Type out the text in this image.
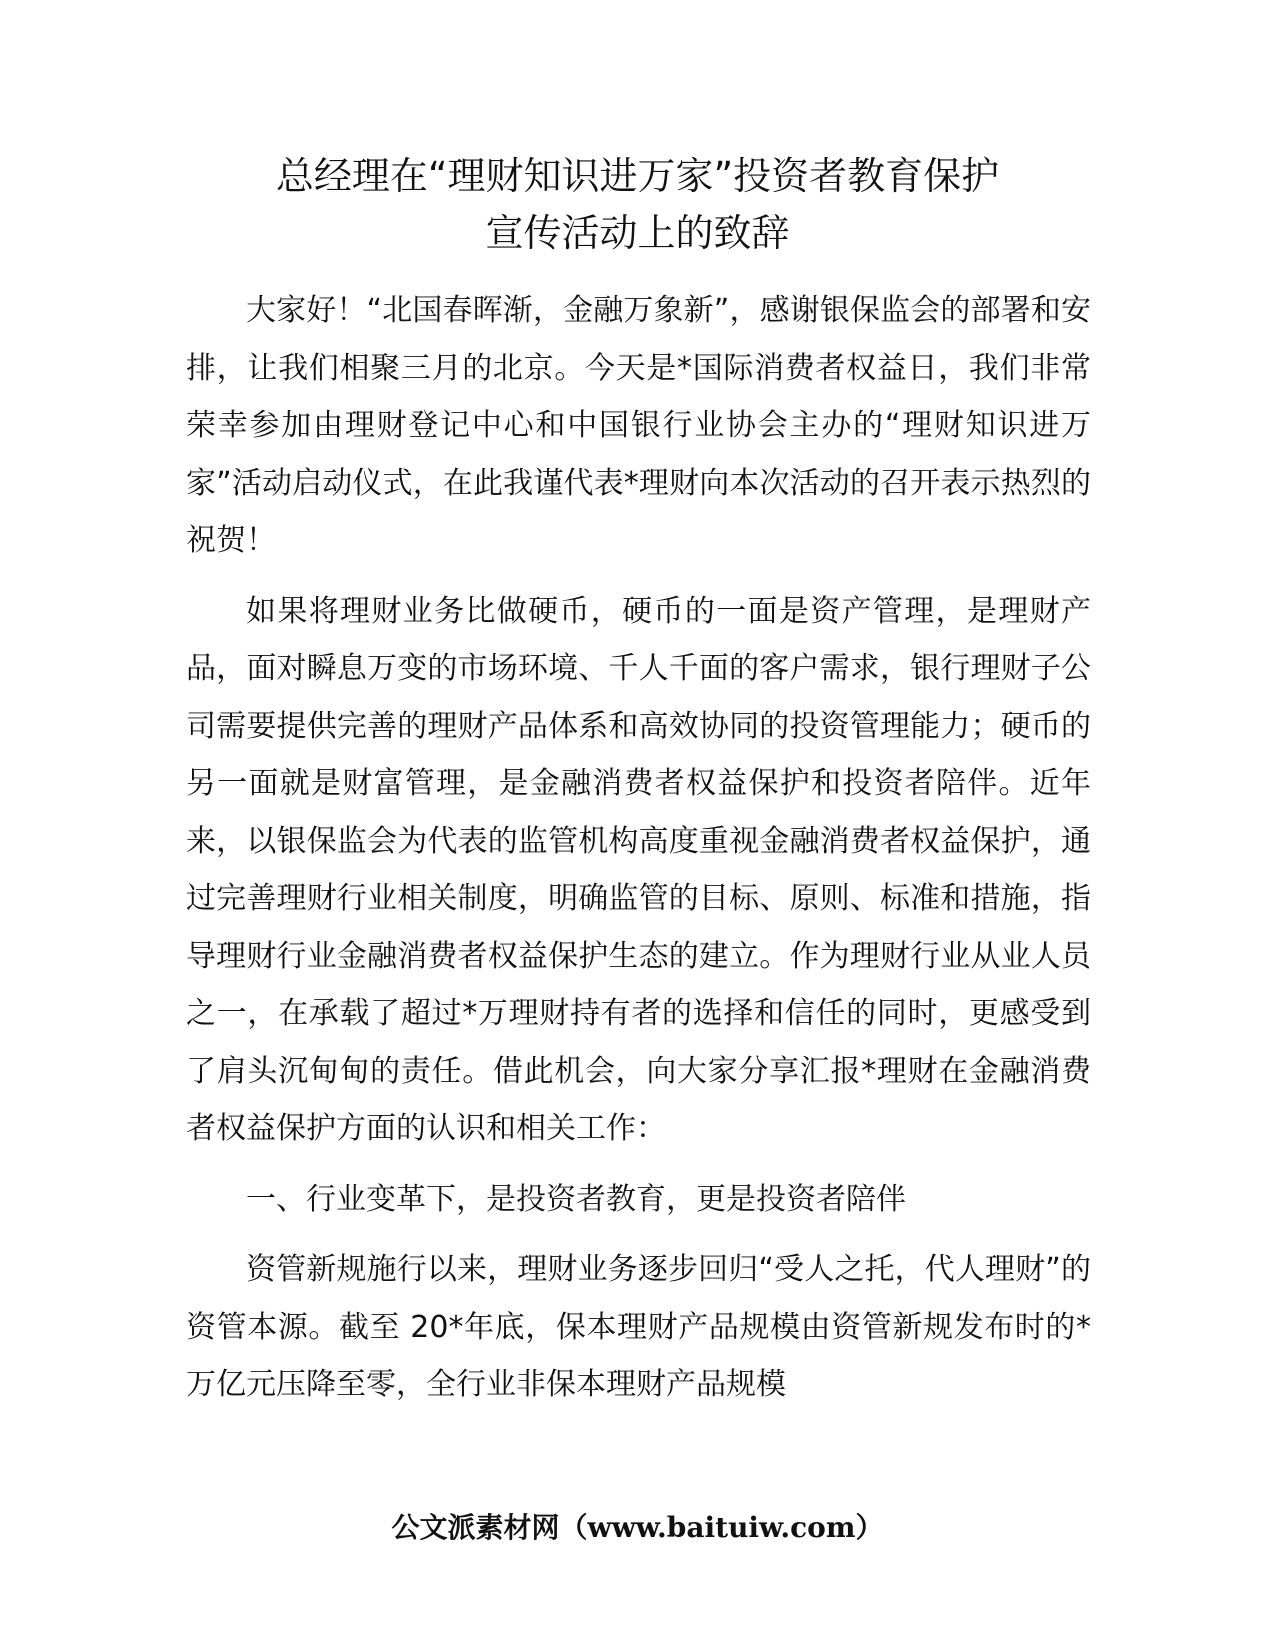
总经理在“理财知识进万家”投资者教育保护
宣传活动上的致辞

大家好！“北国春晖渐，金融万象新”，感谢银保监会的部署和安排，让我们相聚三月的北京。今天是*国际消费者权益日，我们非常荣幸参加由理财登记中心和中国银行业协会主办的“理财知识进万家”活动启动仪式，在此我谨代表*理财向本次活动的召开表示热烈的祝贺！

如果将理财业务比做硬币，硬币的一面是资产管理，是理财产品，面对瞬息万变的市场环境、千人千面的客户需求，银行理财子公司需要提供完善的理财产品体系和高效协同的投资管理能力；硬币的另一面就是财富管理，是金融消费者权益保护和投资者陪伴。近年来，以银保监会为代表的监管机构高度重视金融消费者权益保护，通过完善理财行业相关制度，明确监管的目标、原则、标准和措施，指导理财行业金融消费者权益保护生态的建立。作为理财行业从业人员之一，在承载了超过*万理财持有者的选择和信任的同时，更感受到了肩头沉甸甸的责任。借此机会，向大家分享汇报*理财在金融消费者权益保护方面的认识和相关工作：

一、行业变革下，是投资者教育，更是投资者陪伴

资管新规施行以来，理财业务逐步回归“受人之托，代人理财”的资管本源。截至 20*年底，保本理财产品规模由资管新规发布时的*万亿元压降至零，全行业非保本理财产品规模

公文派素材网（www.baituiw.com）
